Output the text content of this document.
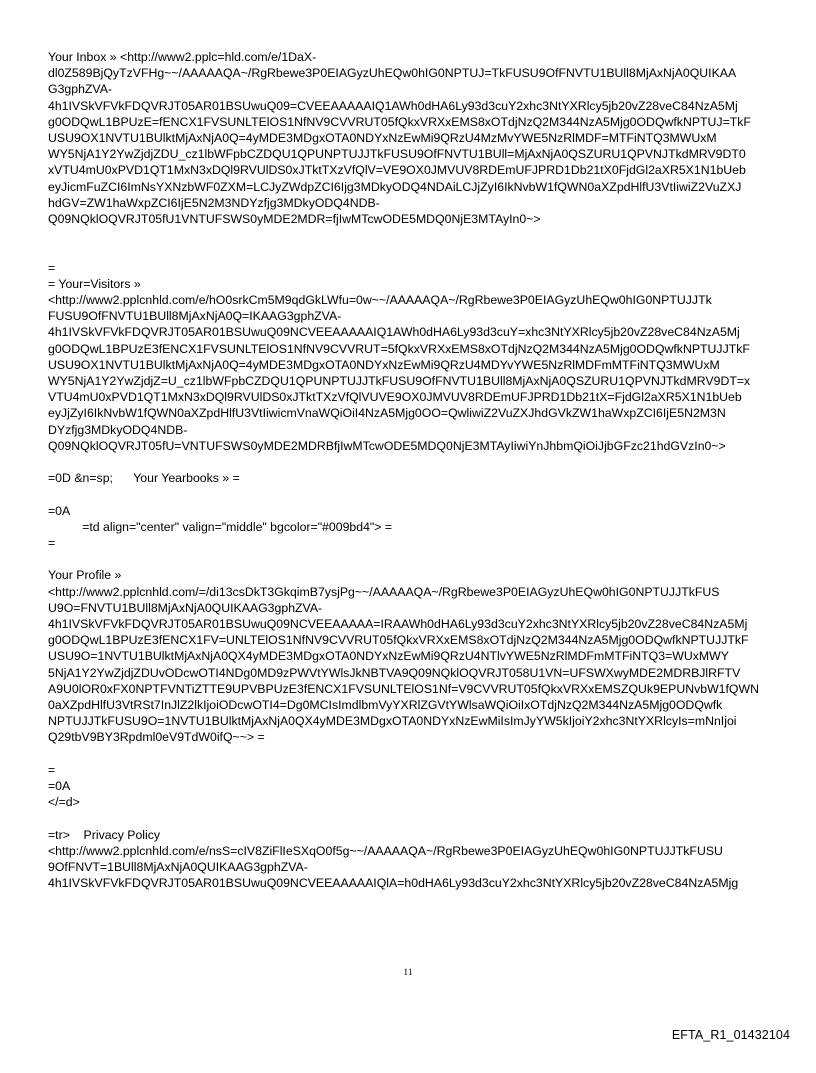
Your Inbox » <http://www2.pplc=hld.com/e/1DaX-
dl0Z589BjQyTzVFHg~~/AAAAAQA~/RgRbewe3P0EIAGyzUhEQw0hIG0NPTUJ=TkFUSU9OfFNVTU1BUll8MjAxNjA0QUIKAA
G3gphZVA-
4h1IVSkVFVkFDQVRJT05AR01BSUwuQ09=CVEEAAAAAIQ1AWh0dHA6Ly93d3cuY2xhc3NtYXRlcy5jb20vZ28veC84NzA5Mj
g0ODQwL1BPUzE=fENCX1FVSUNLTElOS1NfNV9CVVRUT05fQkxVRXxEMS8xOTdjNzQ2M344NzA5Mjg0ODQwfkNPTUJ=TkF
USU9OX1NVTU1BUlktMjAxNjA0Q=4yMDE3MDgxOTA0NDYxNzEwMi9QRzU4MzMvYWE5NzRlMDF=MTFiNTQ3MWUxM
WY5NjA1Y2YwZjdjZDU_cz1lbWFpbCZDQU1QPUNPTUJJTkFUSU9OfFNVTU1BUll=MjAxNjA0QSZURU1QPVNJTkdMRV9DT0
xVTU4mU0xPVD1QT1MxN3xDQl9RVUlDS0xJTktTXzVfQlV=VE9OX0JMVUV8RDEmUFJPRD1Db21tX0FjdGl2aXR5X1N1bUeb
eyJicmFuZCI6ImNsYXNzbWF0ZXM=LCJyZWdpZCI6Ijg3MDkyODQ4NDAiLCJjZyI6IkNvbW1fQWN0aXZpdHlfU3VtIiwiZ2VuZXJ
hdGV=ZW1haWxpZCI6IjE5N2M3NDYzfjg3MDkyODQ4NDB-
Q09NQklOQVRJT05fU1VNTUFSWS0yMDE2MDR=fjIwMTcwODE5MDQ0NjE3MTAyIn0~>
=
= Your=Visitors »
<http://www2.pplcnhld.com/e/hO0srkCm5M9qdGkLWfu=0w~~/AAAAAQA~/RgRbewe3P0EIAGyzUhEQw0hIG0NPTUJJTk
FUSU9OfFNVTU1BUll8MjAxNjA0Q=IKAAG3gphZVA-
4h1IVSkVFVkFDQVRJT05AR01BSUwuQ09NCVEEAAAAAIQ1AWh0dHA6Ly93d3cuY=xhc3NtYXRlcy5jb20vZ28veC84NzA5Mj
g0ODQwL1BPUzE3fENCX1FVSUNLTElOS1NfNV9CVVRUT=5fQkxVRXxEMS8xOTdjNzQ2M344NzA5Mjg0ODQwfkNPTUJJTkF
USU9OX1NVTU1BUlktMjAxNjA0Q=4yMDE3MDgxOTA0NDYxNzEwMi9QRzU4MDYvYWE5NzRlMDFmMTFiNTQ3MWUxM
WY5NjA1Y2YwZjdjZ=U_cz1lbWFpbCZDQU1QPUNPTUJJTkFUSU9OfFNVTU1BUll8MjAxNjA0QSZURU1QPVNJTkdMRV9DT=x
VTU4mU0xPVD1QT1MxN3xDQl9RVUlDS0xJTktTXzVfQlVUVE9OX0JMVUV8RDEmUFJPRD1Db21tX=FjdGl2aXR5X1N1bUeb
eyJjZyI6IkNvbW1fQWN0aXZpdHlfU3VtIiwicmVnaWQiOiI4NzA5Mjg0OO=QwliwiZ2VuZXJhdGVkZW1haWxpZCI6IjE5N2M3N
DYzfjg3MDkyODQ4NDB-
Q09NQklOQVRJT05fU=VNTUFSWS0yMDE2MDRBfjIwMTcwODE5MDQ0NjE3MTAyIiwiYnJhbmQiOiJjbGFzc21hdGVzIn0~>
=0D &n=sp;      Your Yearbooks » =
=0A
=td align="center" valign="middle" bgcolor="#009bd4"> =
=
Your Profile »
<http://www2.pplcnhld.com/=/di13csDkT3GkqimB7ysjPg~~/AAAAAQA~/RgRbewe3P0EIAGyzUhEQw0hIG0NPTUJJTkFUS
U9O=FNVTU1BUll8MjAxNjA0QUIKAAG3gphZVA-
4h1IVSkVFVkFDQVRJT05AR01BSUwuQ09NCVEEAAAAA=IRAAWh0dHA6Ly93d3cuY2xhc3NtYXRlcy5jb20vZ28veC84NzA5Mj
g0ODQwL1BPUzE3fENCX1FV=UNLTElOS1NfNV9CVVRUT05fQkxVRXxEMS8xOTdjNzQ2M344NzA5Mjg0ODQwfkNPTUJJTkF
USU9O=1NVTU1BUlktMjAxNjA0QX4yMDE3MDgxOTA0NDYxNzEwMi9QRzU4NTlvYWE5NzRlMDFmMTFiNTQ3=WUxMWY
5NjA1Y2YwZjdjZDUvODcwOTI4NDg0MD9zPWVtYWlsJkNBTVA9Q09NQklOQVRJT058U1VN=UFSWXwyMDE2MDRBJlRFTV
A9U0lOR0xFX0NPTFVNTiZTTE9UPVBPUzE3fENCX1FVSUNLTElOS1Nf=V9CVVRUT05fQkxVRXxEMSZQUk9EPUNvbW1fQWN
0aXZpdHlfU3VtRSt7InJlZ2lkIjoiODcwOTI4=Dg0MCIsImdlbmVyYXRlZGVtYWlsaWQiOiIxOTdjNzQ2M344NzA5Mjg0ODQwfk
NPTUJJTkFUSU9O=1NVTU1BUlktMjAxNjA0QX4yMDE3MDgxOTA0NDYxNzEwMiIsImJyYW5kIjoiY2xhc3NtYXRlcyIs=mNnIjoi
Q29tbV9BY3Rpdml0eV9TdW0ifQ~~> =
=
=0A
</=d>
=tr>    Privacy Policy
<http://www2.pplcnhld.com/e/nsS=cIV8ZiFlIeSXqO0f5g~~/AAAAAQA~/RgRbewe3P0EIAGyzUhEQw0hIG0NPTUJJTkFUSU
9OfFNVT=1BUll8MjAxNjA0QUIKAAG3gphZVA-
4h1IVSkVFVkFDQVRJT05AR01BSUwuQ09NCVEEAAAAAIQlA=h0dHA6Ly93d3cuY2xhc3NtYXRlcy5jb20vZ28veC84NzA5Mjg
11
EFTA_R1_01432104
